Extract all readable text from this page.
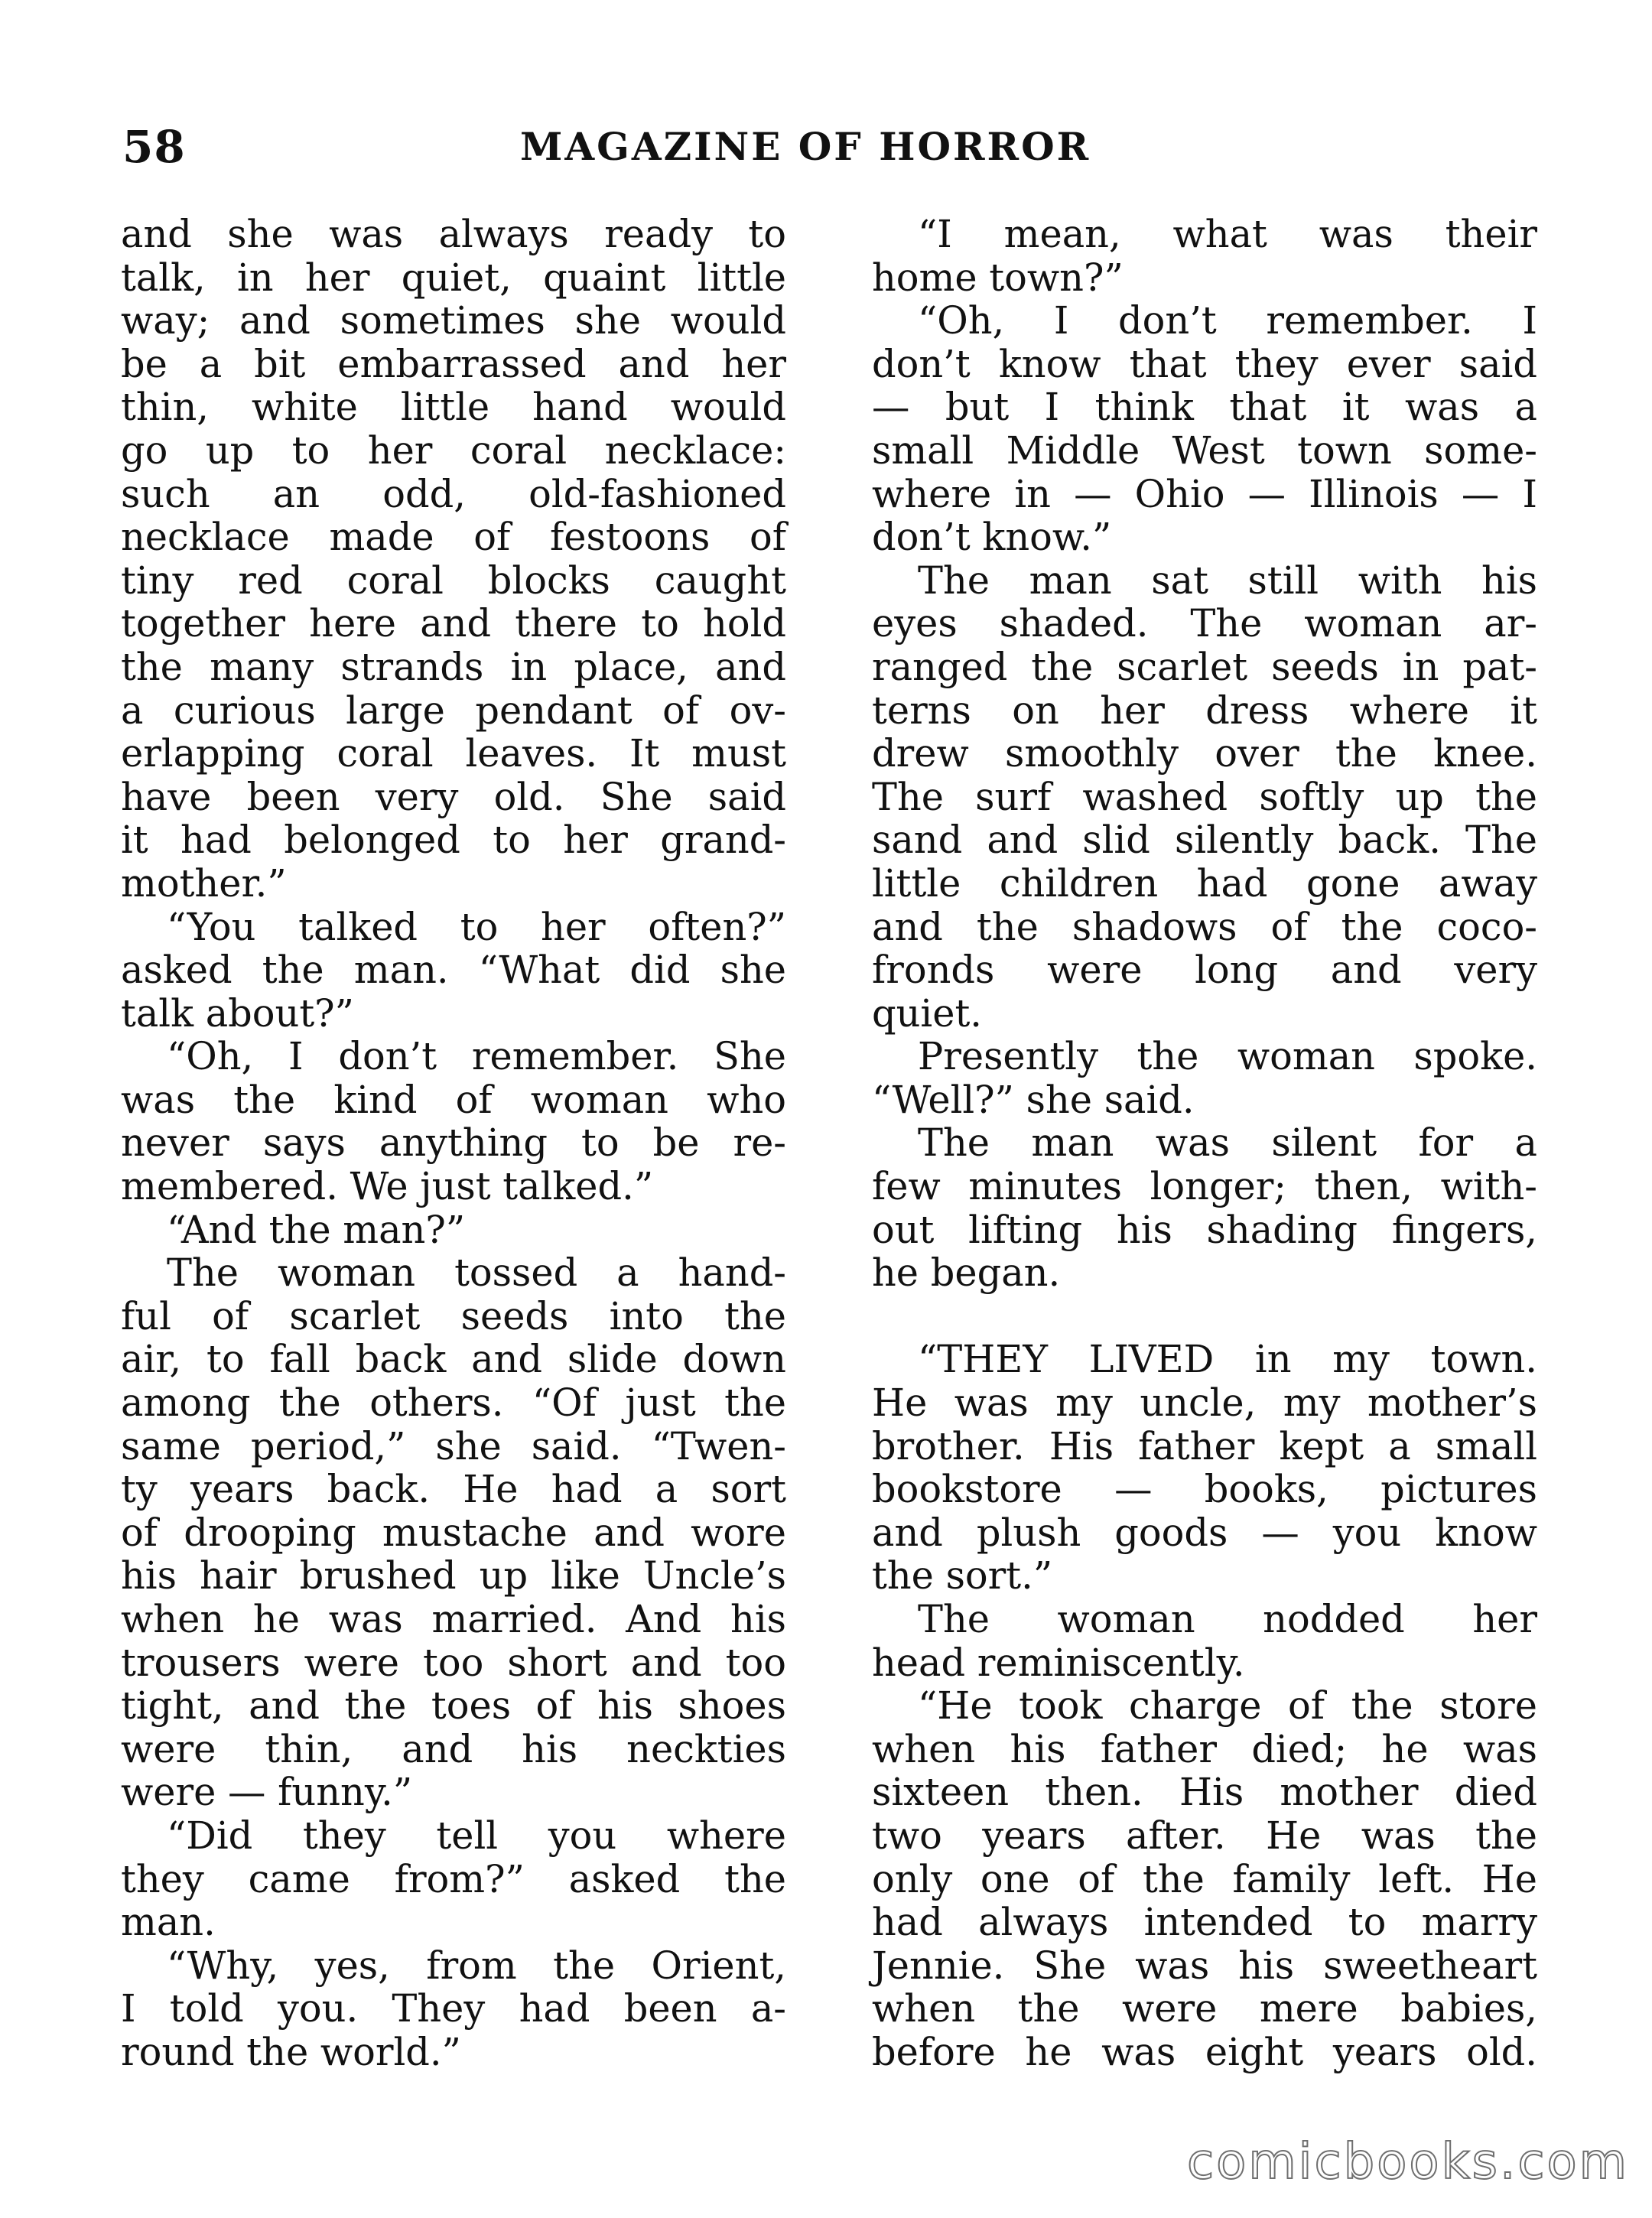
58	MAGAZINE OF HORROR
and she was always ready to
talk, in her quiet, quaint little
way; and sometimes she would
be a bit embarrassed and her
thin, white little hand would
go up to her coral necklace:
such an odd, old-fashioned
necklace made of festoons of
tiny red coral blocks caught
together here and there to hold
the many strands in place, and
a curious large pendant of ov-
erlapping coral leaves. It must
have been very old. She said
it had belonged to her grand-
mother.”
“You talked to her often?”
asked the man. “What did she
talk about?”
“Oh, I don’t remember. She
was the kind of woman who
never says anything to be re-
membered. We just talked.”
“And the man?”
The woman tossed a hand-
ful of scarlet seeds into the
air, to fall back and slide down
among the others. “Of just the
same period,” she said. “Twen-
ty years back. He had a sort
of drooping mustache and wore
his hair brushed up like Uncle’s
when he was married. And his
trousers were too short and too
tight, and the toes of his shoes
were thin, and his neckties
were — funny.”
“Did they tell you where
they came from?” asked the
man.
“Why, yes, from the Orient,
I told you. They had been a-
round the world.”
“I mean, what was their
home town?”
“Oh, I don’t remember. I
don’t know that they ever said
— but I think that it was a
small Middle West town some-
where in — Ohio — Illinois — I
don’t know.”
The man sat still with his
eyes shaded. The woman ar-
ranged the scarlet seeds in pat-
terns on her dress where it
drew smoothly over the knee.
The surf washed softly up the
sand and slid silently back. The
little children had gone away
and the shadows of the coco-
fronds were long and very
quiet.
Presently the woman spoke.
“Well?” she said.
The man was silent for a
few minutes longer; then, with-
out lifting his shading fingers,
he began.
“THEY LIVED in my town.
He was my uncle, my mother’s
brother. His father kept a small
bookstore — books, pictures
and plush goods — you know
the sort.”
The woman nodded her
head reminiscently.
“He took charge of the store
when his father died; he was
sixteen then. His mother died
two years after. He was the
only one of the family left. He
had always intended to marry
Jennie. She was his sweetheart
when the were mere babies,
before he was eight years old.
comicbooks.com
